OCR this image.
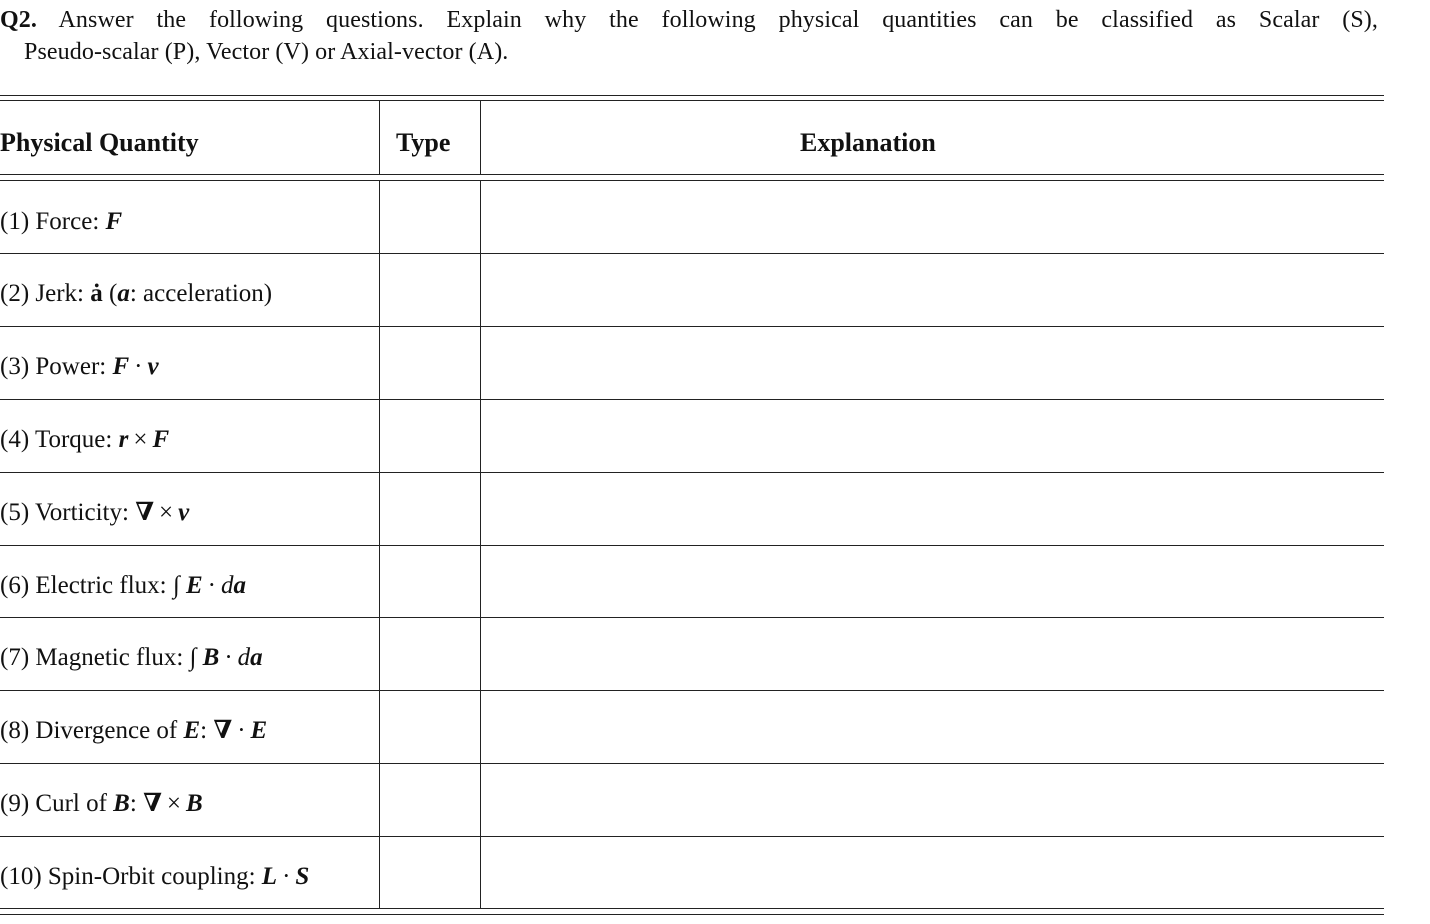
Q2. Answer the following questions. Explain why the following physical quantities can be classified as Scalar (S),
Pseudo-scalar (P), Vector (V) or Axial-vector (A).
Physical Quantity	Type	Explanation
(1) Force: F
(2) Jerk: ȧ (a: acceleration)
(3) Power: F · v
(4) Torque: r × F
(5) Vorticity: ∇ × v
(6) Electric flux: ∫ E · da
(7) Magnetic flux: ∫ B · da
(8) Divergence of E: ∇ · E
(9) Curl of B: ∇ × B
(10) Spin-Orbit coupling: L · S
